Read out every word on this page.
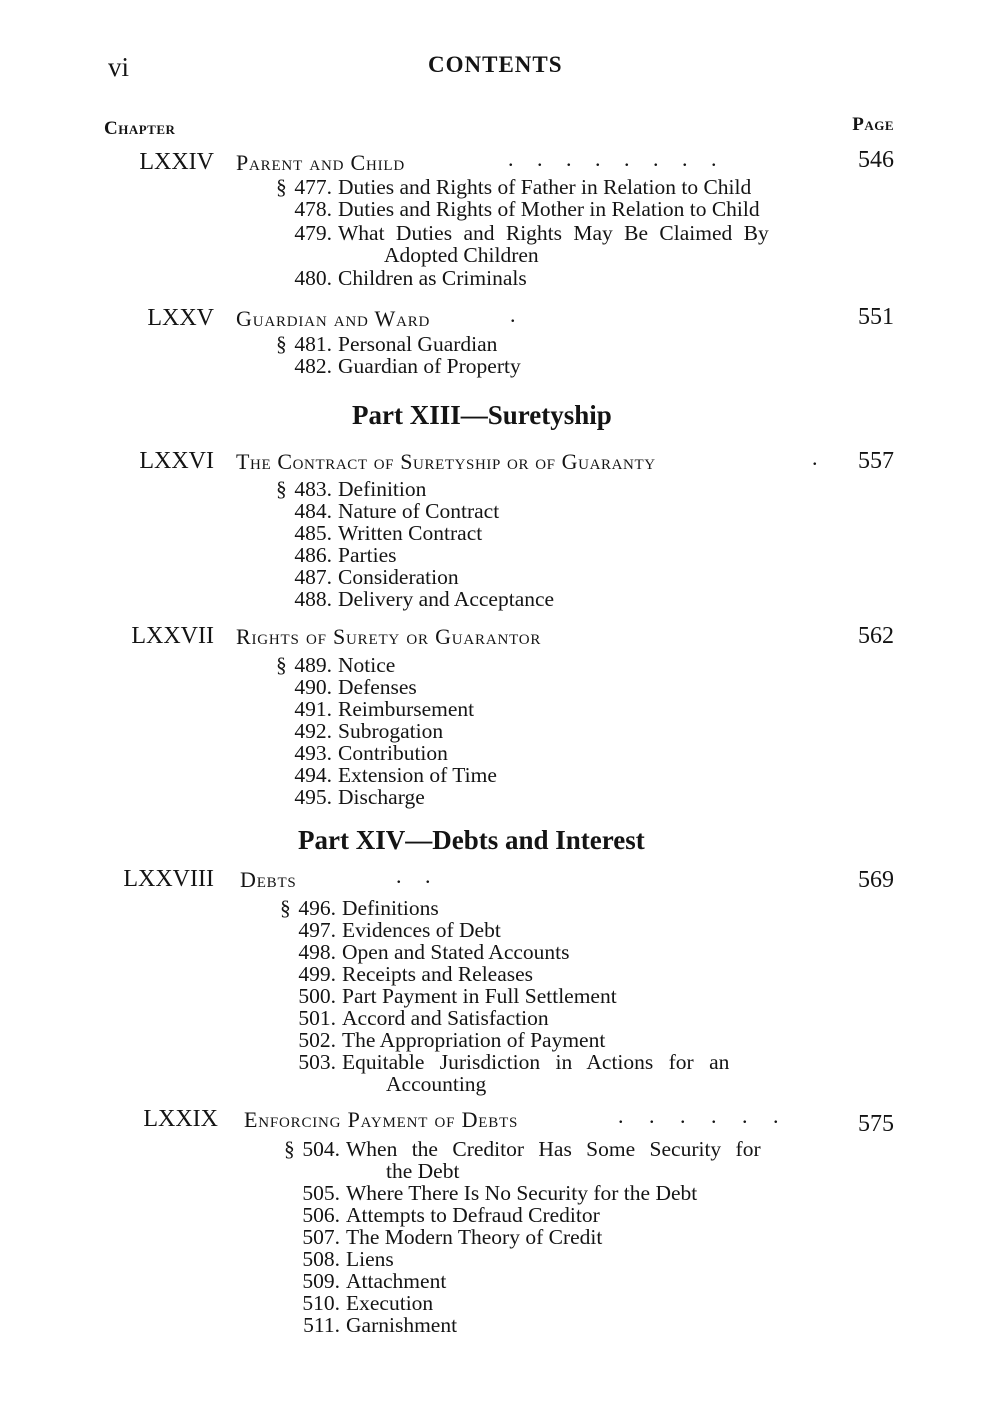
vi	CONTENTS
Chapter	Page
LXXIV Parent and Child	. . . . . . . .	546
§ 477. Duties and Rights of Father in Relation to Child
478. Duties and Rights of Mother in Relation to Child
479. What Duties and Rights May Be Claimed By
Adopted Children
480. Children as Criminals
LXXV Guardian and Ward	.	551
§ 481. Personal Guardian
482. Guardian of Property
Part XIII—Suretyship
LXXVI The Contract of Suretyship or of Guaranty	. 557
§ 483. Definition
484. Nature of Contract
485. Written Contract
486. Parties
487. Consideration
488. Delivery and Acceptance
LXXVII Rights of Surety or Guarantor	562
§ 489. Notice
490. Defenses
491. Reimbursement
492. Subrogation
493. Contribution
494. Extension of Time
495. Discharge
Part XIV—Debts and Interest
LXXVIII Debts	. .	569
§ 496. Definitions
497. Evidences of Debt
498. Open and Stated Accounts
499. Receipts and Releases
500. Part Payment in Full Settlement
501. Accord and Satisfaction
502. The Appropriation of Payment
503. Equitable Jurisdiction in Actions for an
Accounting
LXXIX Enforcing Payment of Debts	. . . . . .	575
§ 504. When the Creditor Has Some Security for
the Debt
505. Where There Is No Security for the Debt
506. Attempts to Defraud Creditor
507. The Modern Theory of Credit
508. Liens
509. Attachment
510. Execution
511. Garnishment
